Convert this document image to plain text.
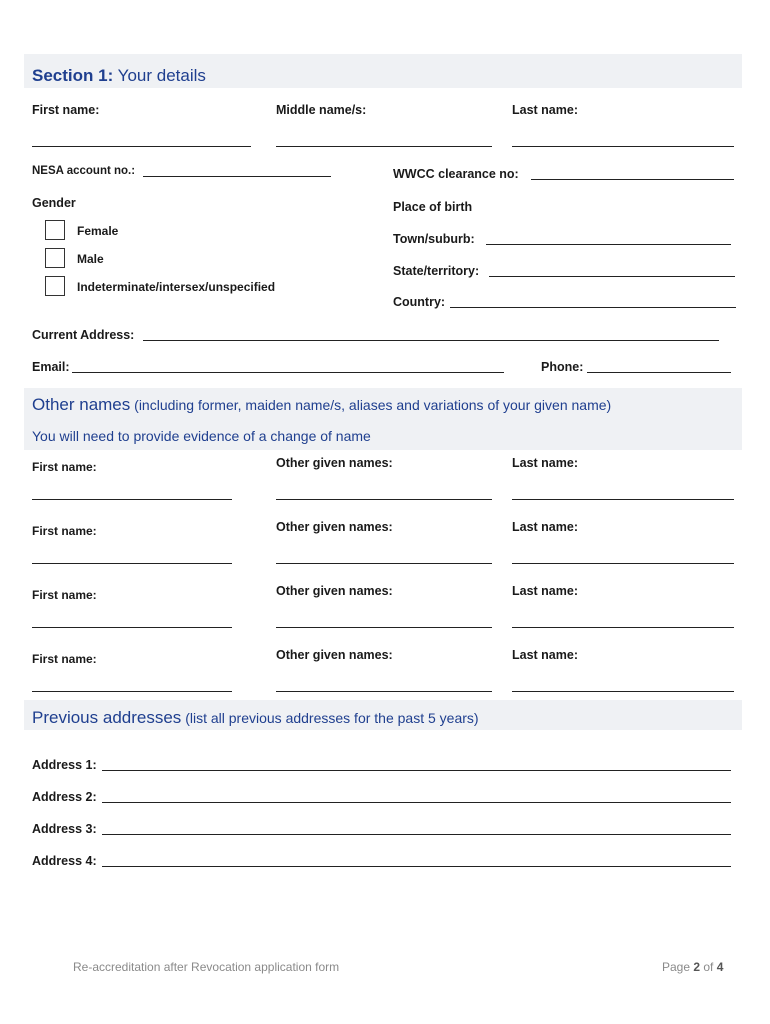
Section 1: Your details
First name:	Middle name/s:	Last name:
NESA account no.:	WWCC clearance no:
Gender
Female
Male
Indeterminate/intersex/unspecified
Place of birth
Town/suburb:
State/territory:
Country:
Current Address:
Email:	Phone:
Other names (including former, maiden name/s, aliases and variations of your given name)
You will need to provide evidence of a change of name
First name:	Other given names:	Last name:
First name:	Other given names:	Last name:
First name:	Other given names:	Last name:
First name:	Other given names:	Last name:
Previous addresses (list all previous addresses for the past 5 years)
Address 1:
Address 2:
Address 3:
Address 4:
Re-accreditation after Revocation application form	Page 2 of 4
